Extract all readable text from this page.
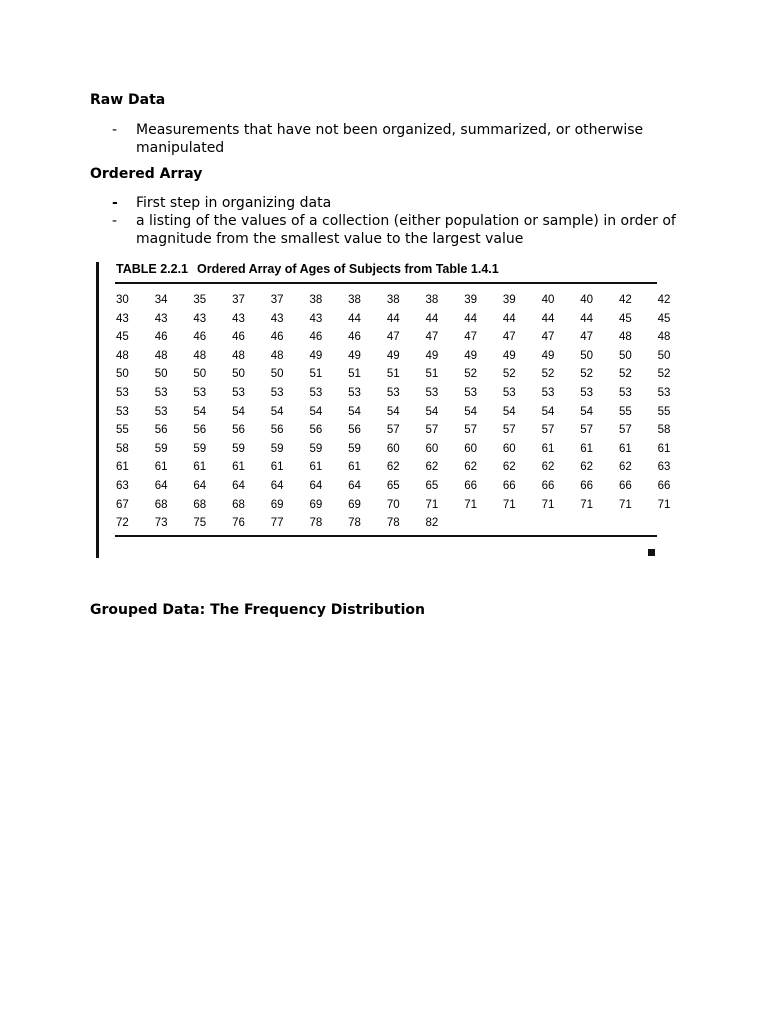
Raw Data
-	Measurements that have not been organized, summarized, or otherwise manipulated
Ordered Array
-	First step in organizing data
-	a listing of the values of a collection (either population or sample) in order of magnitude from the smallest value to the largest value
TABLE 2.2.1 Ordered Array of Ages of Subjects from Table 1.4.1
30	34	35	37	37	38	38	38	38	39	39	40	40	42	42
43	43	43	43	43	43	44	44	44	44	44	44	44	45	45
45	46	46	46	46	46	46	47	47	47	47	47	47	48	48
48	48	48	48	48	49	49	49	49	49	49	49	50	50	50
50	50	50	50	50	51	51	51	51	52	52	52	52	52	52
53	53	53	53	53	53	53	53	53	53	53	53	53	53	53
53	53	54	54	54	54	54	54	54	54	54	54	54	55	55
55	56	56	56	56	56	56	57	57	57	57	57	57	57	58
58	59	59	59	59	59	59	60	60	60	60	61	61	61	61
61	61	61	61	61	61	61	62	62	62	62	62	62	62	63
63	64	64	64	64	64	64	65	65	66	66	66	66	66	66
67	68	68	68	69	69	69	70	71	71	71	71	71	71	71
72	73	75	76	77	78	78	78	82
Grouped Data: The Frequency Distribution
